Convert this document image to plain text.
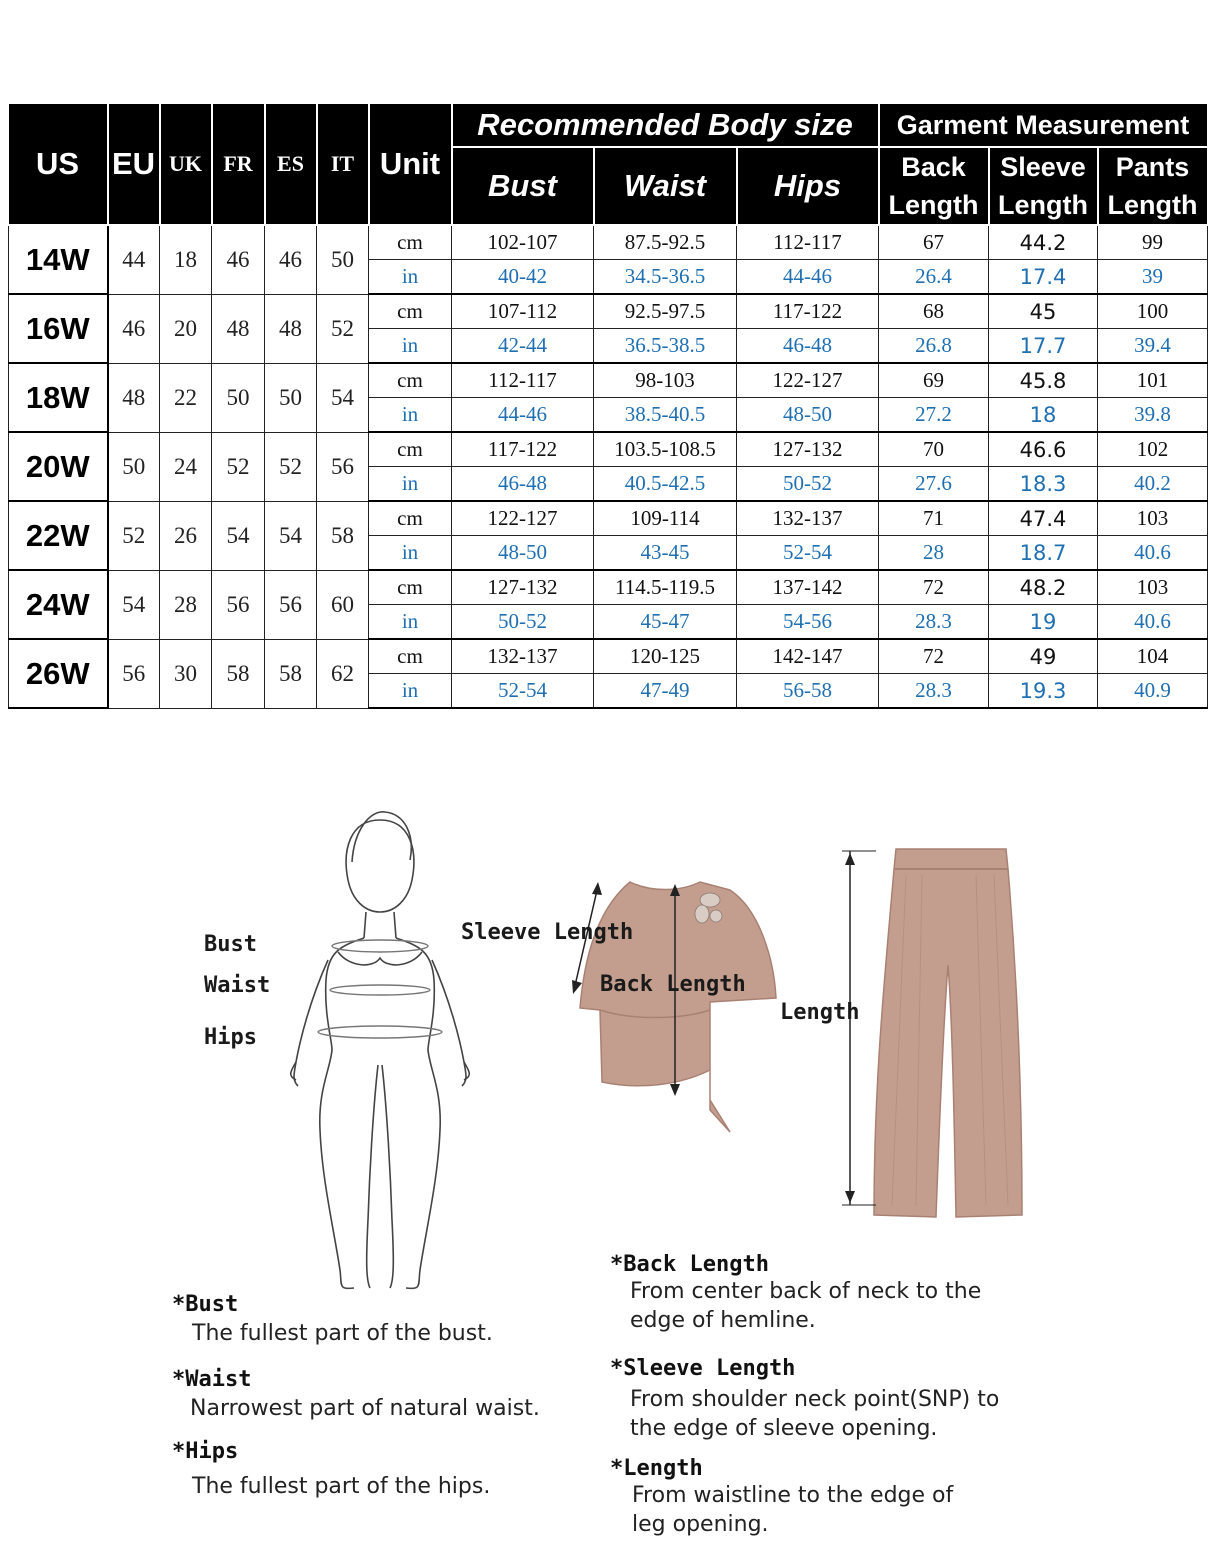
US	EU	UK	FR	ES	IT	Unit	Recommended Body size			Garment Measurement		
							Bust	Waist	Hips	Back Length	Sleeve Length	Pants Length
14W	44	18	46	46	50	cm	102-107	87.5-92.5	112-117	67	44.2	99
						in	40-42	34.5-36.5	44-46	26.4	17.4	39
16W	46	20	48	48	52	cm	107-112	92.5-97.5	117-122	68	45	100
						in	42-44	36.5-38.5	46-48	26.8	17.7	39.4
18W	48	22	50	50	54	cm	112-117	98-103	122-127	69	45.8	101
						in	44-46	38.5-40.5	48-50	27.2	18	39.8
20W	50	24	52	52	56	cm	117-122	103.5-108.5	127-132	70	46.6	102
						in	46-48	40.5-42.5	50-52	27.6	18.3	40.2
22W	52	26	54	54	58	cm	122-127	109-114	132-137	71	47.4	103
						in	48-50	43-45	52-54	28	18.7	40.6
24W	54	28	56	56	60	cm	127-132	114.5-119.5	137-142	72	48.2	103
						in	50-52	45-47	54-56	28.3	19	40.6
26W	56	30	58	58	62	cm	132-137	120-125	142-147	72	49	104
						in	52-54	47-49	56-58	28.3	19.3	40.9
Bust
Waist
Hips
Sleeve Length
Back Length
Length
*Bust
The fullest part of the bust.
*Waist
Narrowest part of natural waist.
*Hips
The fullest part of the hips.
*Back Length
From center back of neck to the
edge of hemline.
*Sleeve Length
From shoulder neck point(SNP) to
the edge of sleeve opening.
*Length
From waistline to the edge of
leg opening.
